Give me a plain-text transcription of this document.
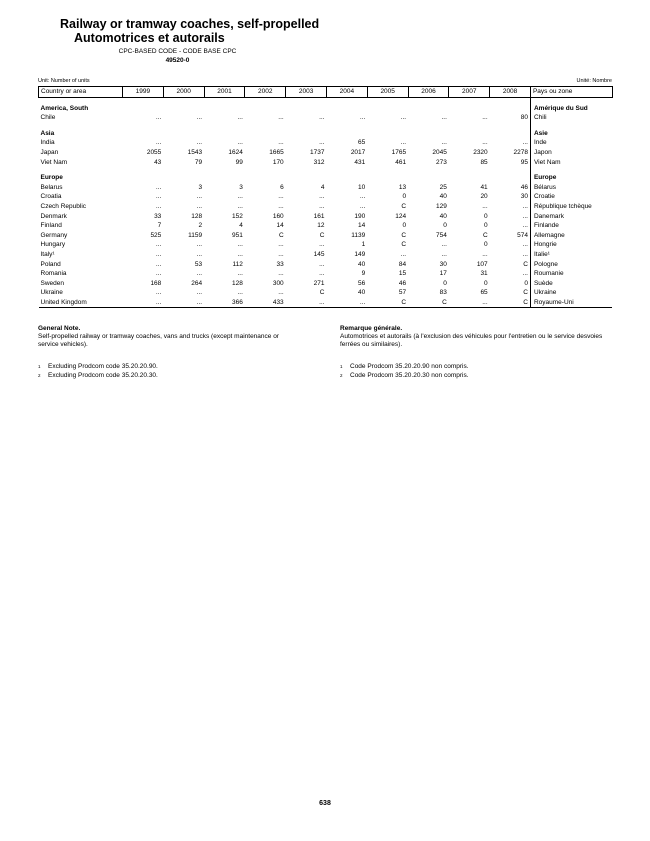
Railway or tramway coaches, self-propelled
Automotrices et autorails
CPC-BASED CODE - CODE BASE CPC
49520-0
Unit: Number of units	Unité: Nombre
Country or area	1999	2000	2001	2002	2003	2004	2005	2006	2007	2008	Pays ou zone

America, South											Amérique du Sud
Chile	...	...	...	...	...	...	...	...	...	80	Chili

Asia											Asie
India	...	...	...	...	...	65	...	...	...	...	Inde
Japan	2055	1543	1624	1665	1737	2017	1765	2045	2320	2278	Japon
Viet Nam	43	79	99	170	312	431	461	273	85	95	Viet Nam

Europe											Europe
Belarus	...	3	3	6	4	10	13	25	41	46	Bélarus
Croatia	...	...	...	...	...	...	0	40	20	30	Croatie
Czech Republic	...	...	...	...	...	...	C	129	...	...	République tchèque
Denmark	33	128	152	160	161	190	124	40	0	...	Danemark
Finland	7	2	4	14	12	14	0	0	0	...	Finlande
Germany	525	1159	951	C	C	1139	C	754	C	574	Allemagne
Hungary	...	...	...	...	...	1	C	...	0	...	Hongrie
Italy¹	...	...	...	...	145	149	...	...	...	...	Italie¹
Poland	...	53	112	33	...	40	84	30	107	C	Pologne
Romania	...	...	...	...	...	9	15	17	31	...	Roumanie
Sweden	168	264	128	300	271	56	46	0	0	0	Suède
Ukraine	...	...	...	...	C	40	57	83	65	C	Ukraine
United Kingdom	...	...	366	433	...	...	C	C	...	C	Royaume-Uni
General Note.
Self-propelled railway or tramway coaches, vans and trucks (except maintenance or service vehicles).
1	Excluding Prodcom code 35.20.20.90.
2	Excluding Prodcom code 35.20.20.30.
Remarque générale.
Automotrices et autorails (à l'exclusion des véhicules pour l'entretien ou le service desvoies ferrées ou similaires).
1	Code Prodcom 35.20.20.90 non compris.
2	Code Prodcom 35.20.20.30 non compris.
638
